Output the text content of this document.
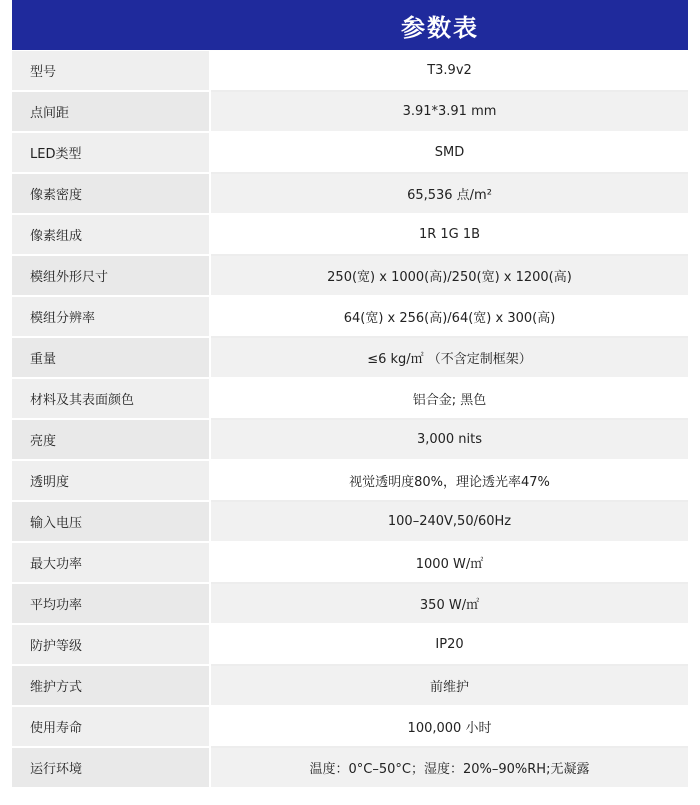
参数表
型号	T3.9v2
点间距	3.91*3.91 mm
LED类型	SMD
像素密度	65,536 点/m²
像素组成	1R 1G 1B
模组外形尺寸	250(宽) x 1000(高)/250(宽) x 1200(高)
模组分辨率	64(宽) x 256(高)/64(宽) x 300(高)
重量	≤6 kg/㎡ （不含定制框架）
材料及其表面颜色	铝合金; 黑色
亮度	3,000 nits
透明度	视觉透明度80%，理论透光率47%
输入电压	100–240V,50/60Hz
最大功率	1000 W/㎡
平均功率	350 W/㎡
防护等级	IP20
维护方式	前维护
使用寿命	100,000 小时
运行环境	温度：0°C–50°C；湿度：20%–90%RH;无凝露
